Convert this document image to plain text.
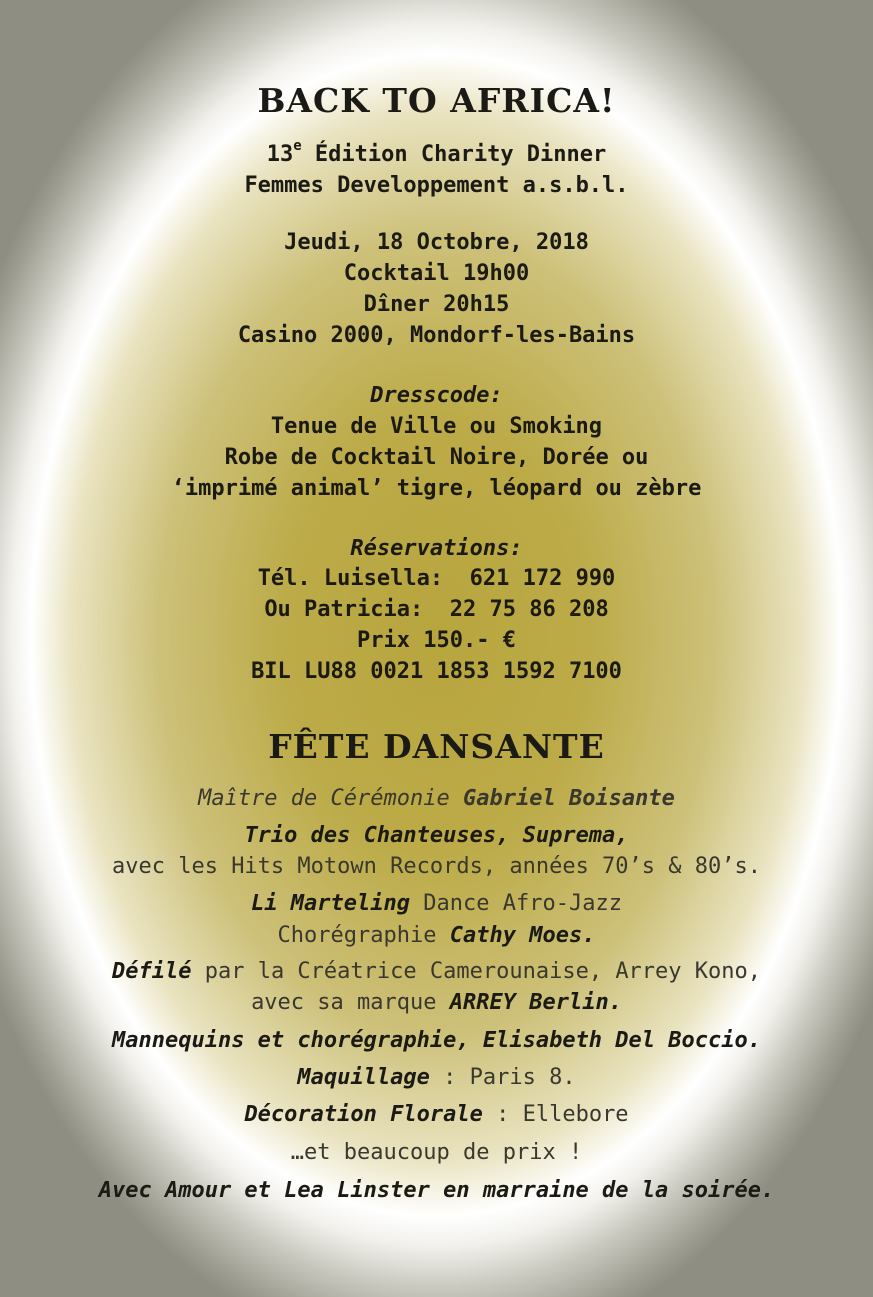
BACK TO AFRICA!
13e Édition Charity Dinner
Femmes Developpement a.s.b.l.
Jeudi, 18 Octobre, 2018
Cocktail 19h00
Dîner 20h15
Casino 2000, Mondorf-les-Bains
Dresscode:
Tenue de Ville ou Smoking
Robe de Cocktail Noire, Dorée ou
‘imprimé animal’ tigre, léopard ou zèbre
Réservations:
Tél. Luisella:  621 172 990
Ou Patricia:  22 75 86 208
Prix 150.- €
BIL LU88 0021 1853 1592 7100
FÊTE DANSANTE
Maître de Cérémonie Gabriel Boisante
Trio des Chanteuses, Suprema,
avec les Hits Motown Records, années 70’s & 80’s.
Li Marteling Dance Afro-Jazz
Chorégraphie Cathy Moes.
Défilé par la Créatrice Camerounaise, Arrey Kono,
avec sa marque ARREY Berlin.
Mannequins et chorégraphie, Elisabeth Del Boccio.
Maquillage : Paris 8.
Décoration Florale : Ellebore
…et beaucoup de prix !
Avec Amour et Lea Linster en marraine de la soirée.
